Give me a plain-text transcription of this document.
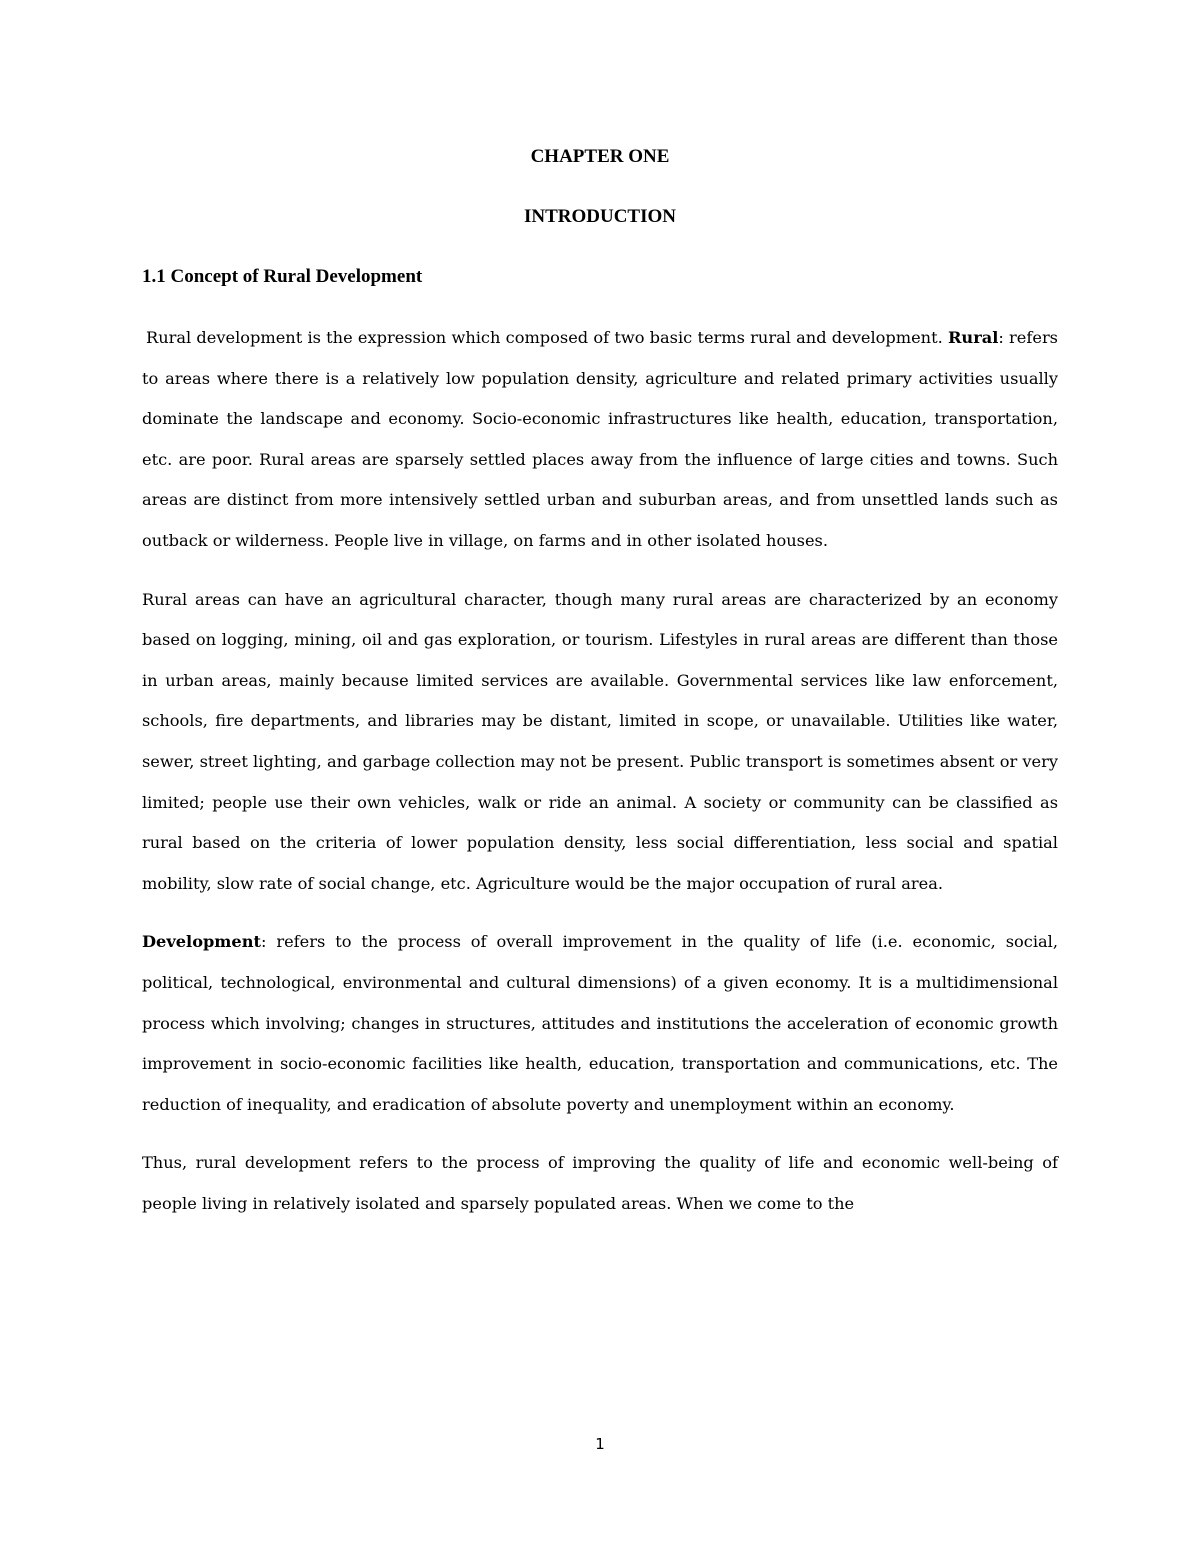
CHAPTER ONE
INTRODUCTION
1.1 Concept of Rural Development

Rural development is the expression which composed of two basic terms rural and development. Rural: refers to areas where there is a relatively low population density, agriculture and related primary activities usually dominate the landscape and economy. Socio-economic infrastructures like health, education, transportation, etc. are poor. Rural areas are sparsely settled places away from the influence of large cities and towns. Such areas are distinct from more intensively settled urban and suburban areas, and from unsettled lands such as outback or wilderness. People live in village, on farms and in other isolated houses.

Rural areas can have an agricultural character, though many rural areas are characterized by an economy based on logging, mining, oil and gas exploration, or tourism. Lifestyles in rural areas are different than those in urban areas, mainly because limited services are available. Governmental services like law enforcement, schools, fire departments, and libraries may be distant, limited in scope, or unavailable. Utilities like water, sewer, street lighting, and garbage collection may not be present. Public transport is sometimes absent or very limited; people use their own vehicles, walk or ride an animal. A society or community can be classified as rural based on the criteria of lower population density, less social differentiation, less social and spatial mobility, slow rate of social change, etc. Agriculture would be the major occupation of rural area.

Development: refers to the process of overall improvement in the quality of life (i.e. economic, social, political, technological, environmental and cultural dimensions) of a given economy. It is a multidimensional process which involving; changes in structures, attitudes and institutions the acceleration of economic growth improvement in socio-economic facilities like health, education, transportation and communications, etc. The reduction of inequality, and eradication of absolute poverty and unemployment within an economy.

Thus, rural development refers to the process of improving the quality of life and economic well-being of people living in relatively isolated and sparsely populated areas. When we come to the

1
